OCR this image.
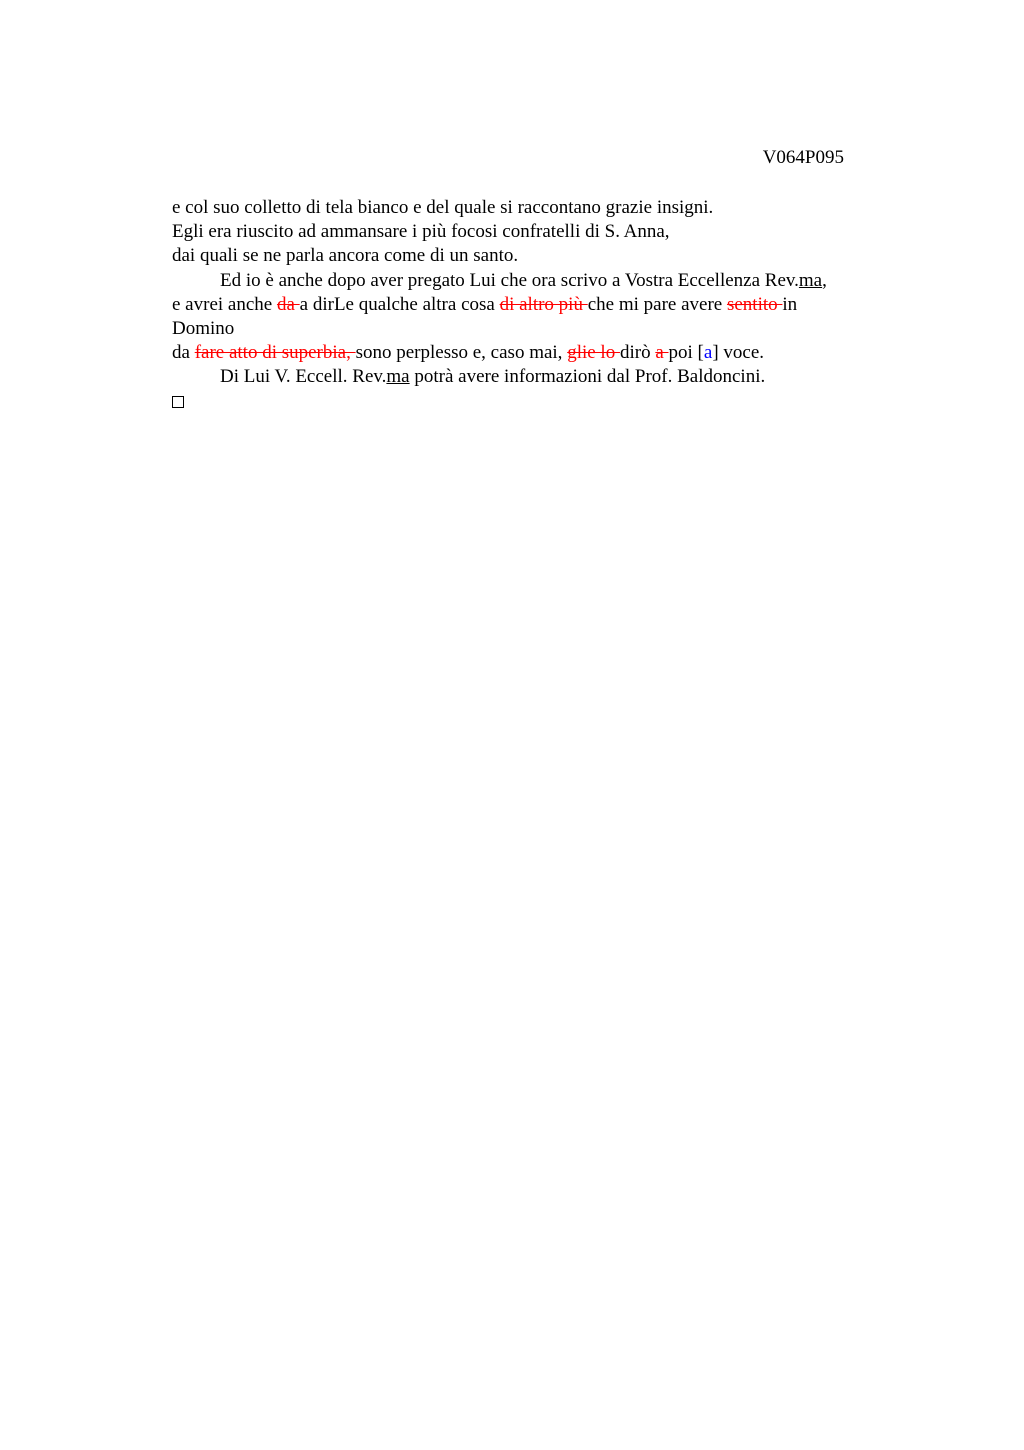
V064P095
e col suo colletto di tela bianco e del quale si raccontano grazie insigni.
Egli era riuscito ad ammansare i più focosi confratelli di S. Anna,
dai quali se ne parla ancora come di un santo.
Ed io è anche dopo aver pregato Lui che ora scrivo a Vostra Eccellenza Rev.ma,
e avrei anche da a dirLe qualche altra cosa di altro più che mi pare avere sentito in
Domino
da fare atto di superbia, sono perplesso e, caso mai, glie lo dirò a poi [a] voce.
Di Lui V. Eccell. Rev.ma potrà avere informazioni dal Prof. Baldoncini.
